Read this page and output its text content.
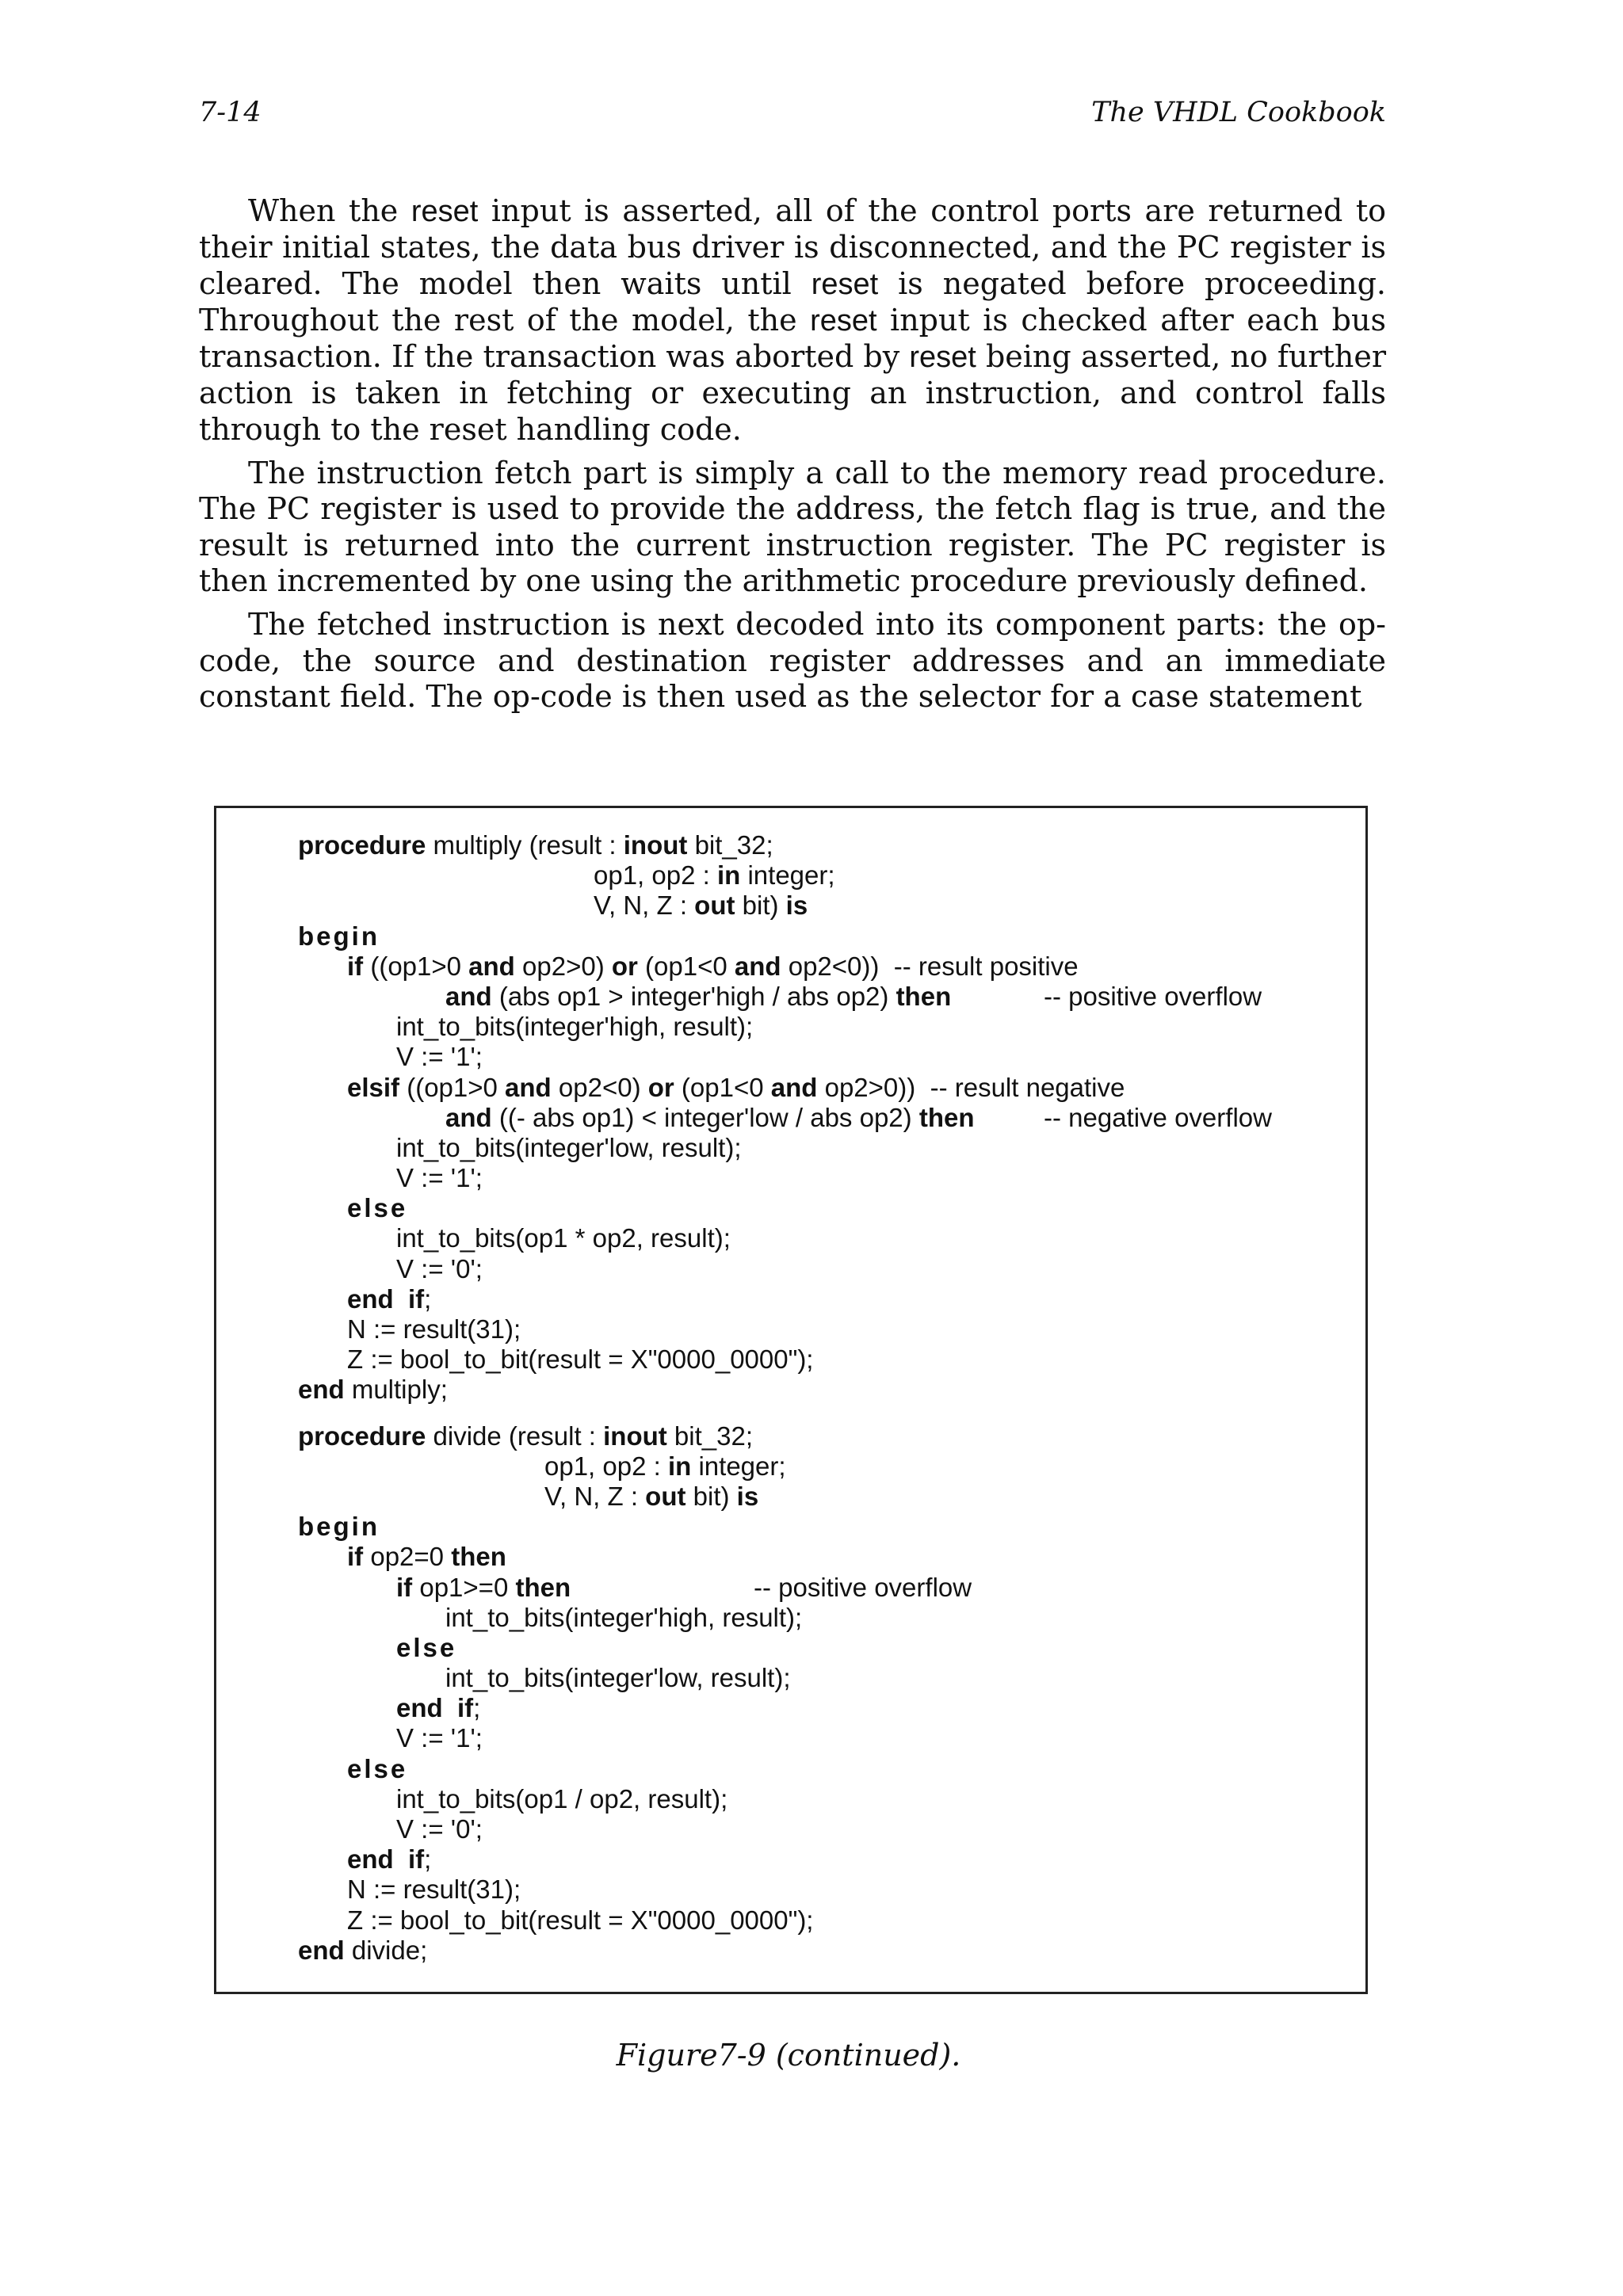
7-14	The VHDL Cookbook

When the reset input is asserted, all of the control ports are returned to their initial states, the data bus driver is disconnected, and the PC register is cleared. The model then waits until reset is negated before proceeding. Throughout the rest of the model, the reset input is checked after each bus transaction. If the transaction was aborted by reset being asserted, no further action is taken in fetching or executing an instruction, and control falls through to the reset handling code.

The instruction fetch part is simply a call to the memory read procedure. The PC register is used to provide the address, the fetch flag is true, and the result is returned into the current instruction register. The PC register is then incremented by one using the arithmetic procedure previously defined.

The fetched instruction is next decoded into its component parts: the op-code, the source and destination register addresses and an immediate constant field. The op-code is then used as the selector for a case statement

procedure multiply (result : inout bit_32;
op1, op2 : in integer;
V, N, Z : out bit) is
begin
if ((op1>0 and op2>0) or (op1<0 and op2<0))  -- result positive
and (abs op1 > integer'high / abs op2) then	-- positive overflow
int_to_bits(integer'high, result);
V := '1';
elsif ((op1>0 and op2<0) or (op1<0 and op2>0))  -- result negative
and ((- abs op1) < integer'low / abs op2) then	-- negative overflow
int_to_bits(integer'low, result);
V := '1';
else
int_to_bits(op1 * op2, result);
V := '0';
end  if ;
N := result(31);
Z := bool_to_bit(result = X"0000_0000");
end multiply;
procedure divide (result : inout bit_32;
op1, op2 : in integer;
V, N, Z : out bit) is
begin
if op2=0 then
if op1>=0 then	-- positive overflow
int_to_bits(integer'high, result);
else
int_to_bits(integer'low, result);
end  if ;
V := '1';
else
int_to_bits(op1 / op2, result);
V := '0';
end  if ;
N := result(31);
Z := bool_to_bit(result = X"0000_0000");
end divide;
Figure7-9 (continued).
